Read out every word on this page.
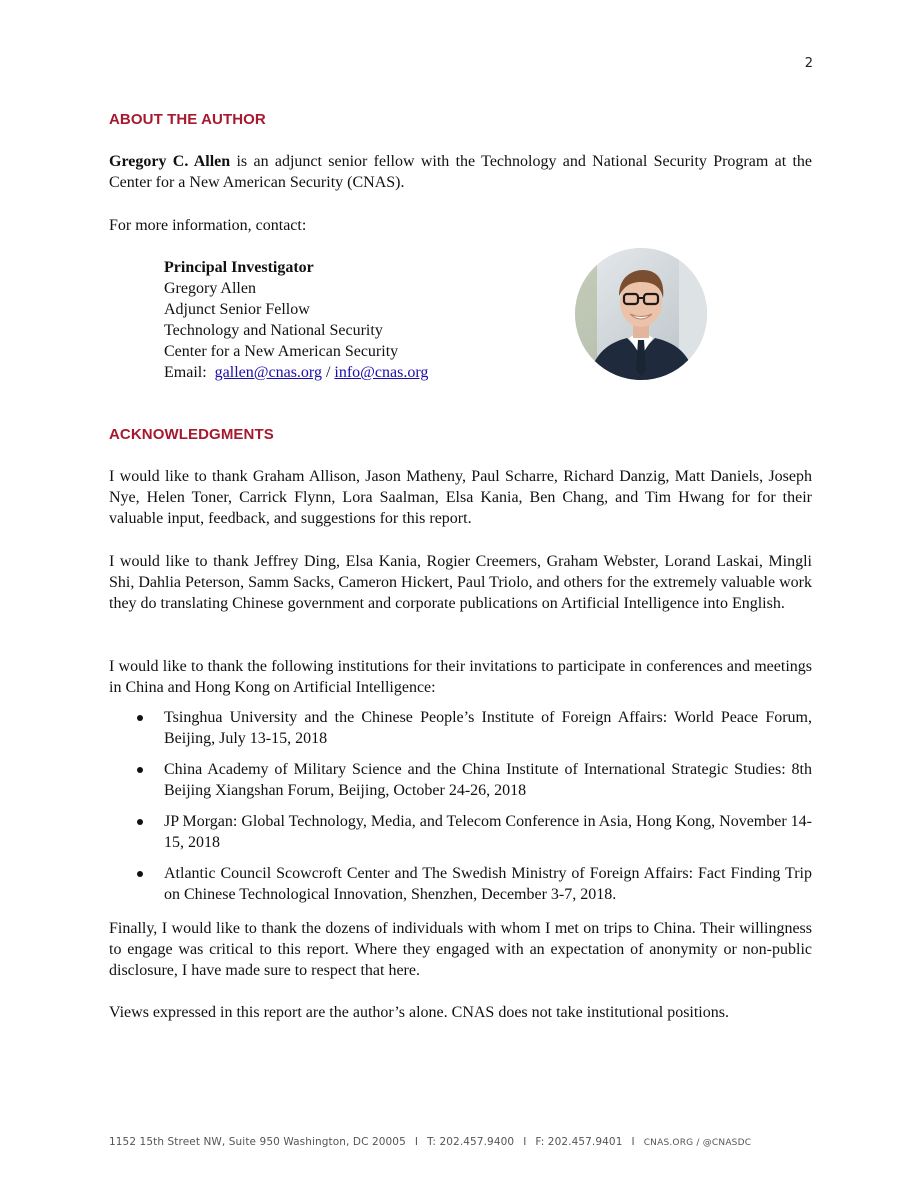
2
ABOUT THE AUTHOR
Gregory C. Allen is an adjunct senior fellow with the Technology and National Security Program at the Center for a New American Security (CNAS).
For more information, contact:
Principal Investigator
Gregory Allen
Adjunct Senior Fellow
Technology and National Security
Center for a New American Security
Email: gallen@cnas.org / info@cnas.org
ACKNOWLEDGMENTS
I would like to thank Graham Allison, Jason Matheny, Paul Scharre, Richard Danzig, Matt Daniels, Joseph Nye, Helen Toner, Carrick Flynn, Lora Saalman, Elsa Kania, Ben Chang, and Tim Hwang for for their valuable input, feedback, and suggestions for this report.
I would like to thank Jeffrey Ding, Elsa Kania, Rogier Creemers, Graham Webster, Lorand Laskai, Mingli Shi, Dahlia Peterson, Samm Sacks, Cameron Hickert, Paul Triolo, and others for the extremely valuable work they do translating Chinese government and corporate publications on Artificial Intelligence into English.
I would like to thank the following institutions for their invitations to participate in conferences and meetings in China and Hong Kong on Artificial Intelligence:
Tsinghua University and the Chinese People’s Institute of Foreign Affairs: World Peace Forum, Beijing, July 13-15, 2018
China Academy of Military Science and the China Institute of International Strategic Studies: 8th Beijing Xiangshan Forum, Beijing, October 24-26, 2018
JP Morgan: Global Technology, Media, and Telecom Conference in Asia, Hong Kong, November 14-15, 2018
Atlantic Council Scowcroft Center and The Swedish Ministry of Foreign Affairs: Fact Finding Trip on Chinese Technological Innovation, Shenzhen, December 3-7, 2018.
Finally, I would like to thank the dozens of individuals with whom I met on trips to China. Their willingness to engage was critical to this report. Where they engaged with an expectation of anonymity or non-public disclosure, I have made sure to respect that here.
Views expressed in this report are the author’s alone. CNAS does not take institutional positions.
1152 15th Street NW, Suite 950 Washington, DC 20005 I T: 202.457.9400 I F: 202.457.9401 I CNAS.ORG / @CNASDC
